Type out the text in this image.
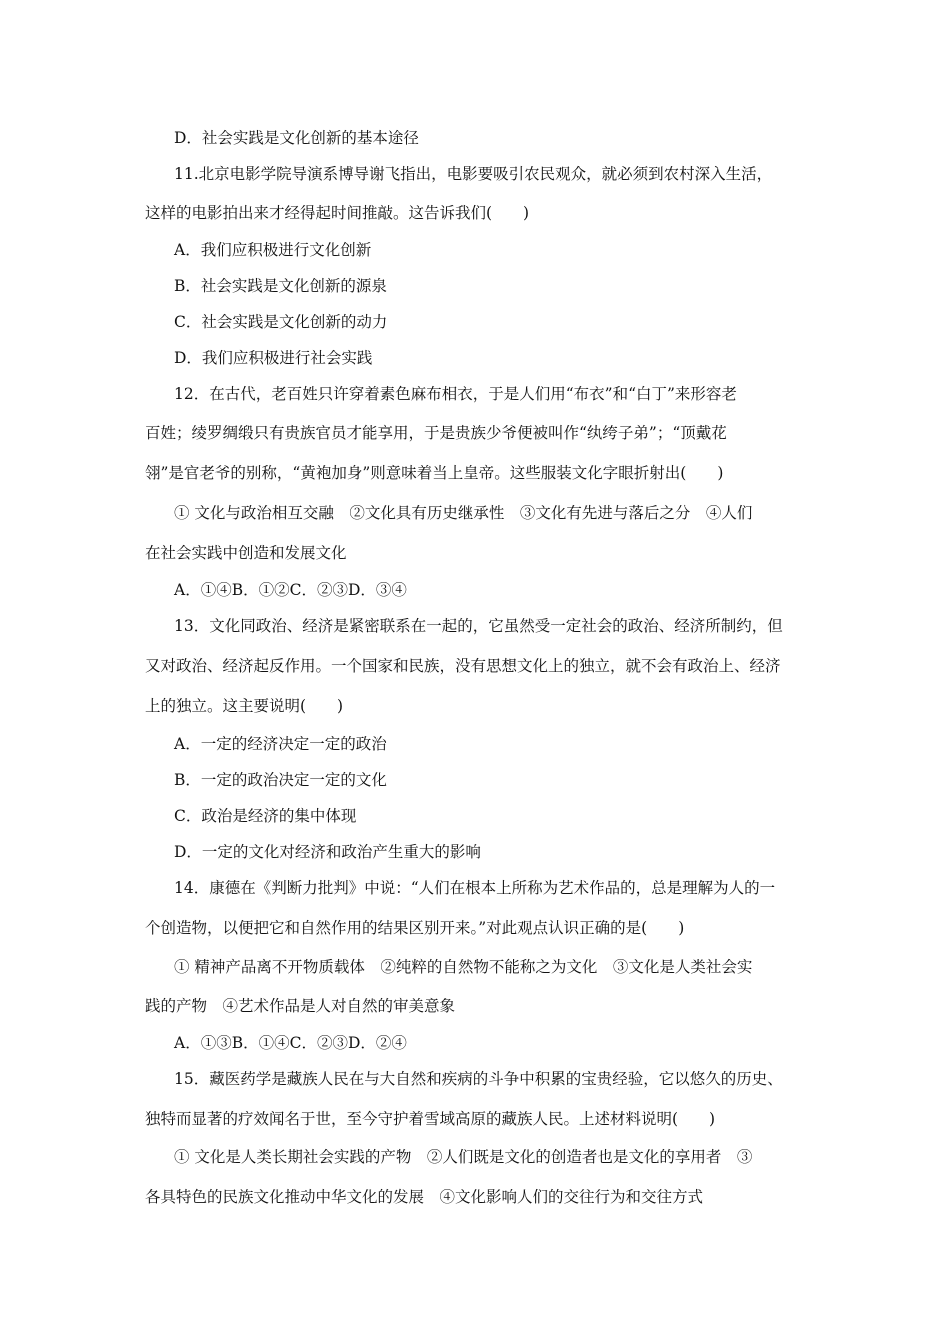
D．社会实践是文化创新的基本途径
11.北京电影学院导演系博导谢飞指出，电影要吸引农民观众，就必须到农村深入生活，
这样的电影拍出来才经得起时间推敲。这告诉我们(　　)
A．我们应积极进行文化创新
B．社会实践是文化创新的源泉
C．社会实践是文化创新的动力
D．我们应积极进行社会实践
12．在古代，老百姓只许穿着素色麻布相衣，于是人们用“布衣”和“白丁”来形容老
百姓；绫罗绸缎只有贵族官员才能享用，于是贵族少爷便被叫作“纨绔子弟”；“顶戴花
翎”是官老爷的别称，“黄袍加身”则意味着当上皇帝。这些服装文化字眼折射出(　　)
① 文化与政治相互交融　②文化具有历史继承性　③文化有先进与落后之分　④人们
在社会实践中创造和发展文化
A．①④B．①②C．②③D．③④
13．文化同政治、经济是紧密联系在一起的，它虽然受一定社会的政治、经济所制约，但
又对政治、经济起反作用。一个国家和民族，没有思想文化上的独立，就不会有政治上、经济
上的独立。这主要说明(　　)
A．一定的经济决定一定的政治
B．一定的政治决定一定的文化
C．政治是经济的集中体现
D．一定的文化对经济和政治产生重大的影响
14．康德在《判断力批判》中说：“人们在根本上所称为艺术作品的，总是理解为人的一
个创造物，以便把它和自然作用的结果区别开来。”对此观点认识正确的是(　　)
① 精神产品离不开物质载体　②纯粹的自然物不能称之为文化　③文化是人类社会实
践的产物　④艺术作品是人对自然的审美意象
A．①③B．①④C．②③D．②④
15．藏医药学是藏族人民在与大自然和疾病的斗争中积累的宝贵经验，它以悠久的历史、
独特而显著的疗效闻名于世，至今守护着雪域高原的藏族人民。上述材料说明(　　)
① 文化是人类长期社会实践的产物　②人们既是文化的创造者也是文化的享用者　③
各具特色的民族文化推动中华文化的发展　④文化影响人们的交往行为和交往方式
